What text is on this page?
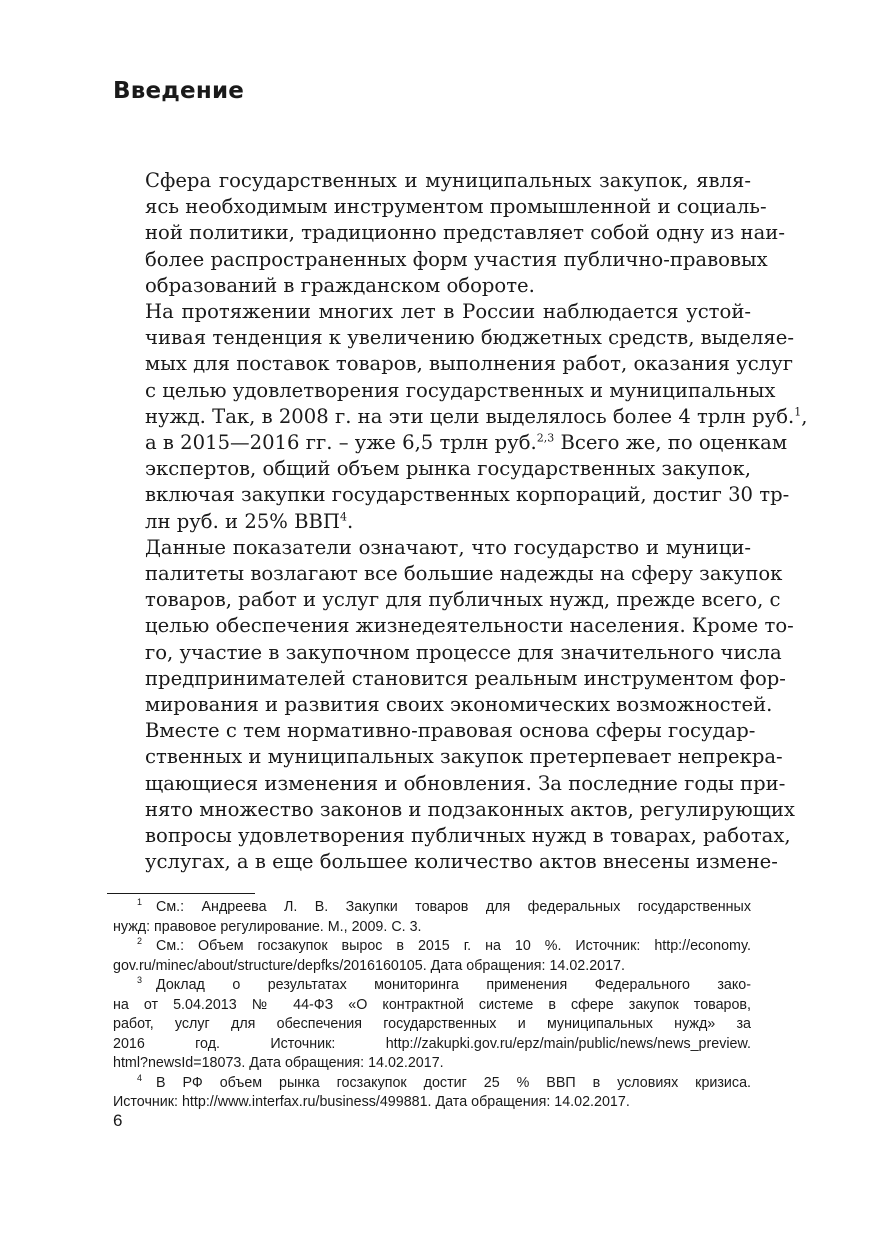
Введение

Сфера государственных и муниципальных закупок, явля-
ясь необходимым инструментом промышленной и социаль-
ной политики, традиционно представляет собой одну из наи-
более распространенных форм участия публично-правовых
образований в гражданском обороте.

На протяжении многих лет в России наблюдается устой-
чивая тенденция к увеличению бюджетных средств, выделяе-
мых для поставок товаров, выполнения работ, оказания услуг
с целью удовлетворения государственных и муниципальных
нужд. Так, в 2008 г. на эти цели выделялось более 4 трлн руб.$^1$,
а в 2015—2016 гг. – уже 6,5 трлн руб.$^{2,3}$ Всего же, по оценкам
экспертов, общий объем рынка государственных закупок,
включая закупки государственных корпораций, достиг 30 тр-
лн руб. и 25% ВВП$^4$.

Данные показатели означают, что государство и муници-
палитеты возлагают все большие надежды на сферу закупок
товаров, работ и услуг для публичных нужд, прежде всего, с
целью обеспечения жизнедеятельности населения. Кроме то-
го, участие в закупочном процессе для значительного числа
предпринимателей становится реальным инструментом фор-
мирования и развития своих экономических возможностей.

Вместе с тем нормативно-правовая основа сферы государ-
ственных и муниципальных закупок претерпевает непрекра-
щающиеся изменения и обновления. За последние годы при-
нято множество законов и подзаконных актов, регулирующих
вопросы удовлетворения публичных нужд в товарах, работах,
услугах, а в еще большее количество актов внесены измене-

$^1$ См.: Андреева Л. В. Закупки товаров для федеральных государственных
нужд: правовое регулирование. М., 2009. С. 3.
$^2$ См.: Объем госзакупок вырос в 2015 г. на 10 %. Источник: http://economy.
gov.ru/minec/about/structure/depfks/2016160105. Дата обращения: 14.02.2017.
$^3$ Доклад о результатах мониторинга применения Федерального зако-
на от 5.04.2013 № 44-ФЗ «О контрактной системе в сфере закупок товаров,
работ, услуг для обеспечения государственных и муниципальных нужд» за
2016 год. Источник: http://zakupki.gov.ru/epz/main/public/news/news_preview.
html?newsId=18073. Дата обращения: 14.02.2017.
$^4$ В РФ объем рынка госзакупок достиг 25 % ВВП в условиях кризиса.
Источник: http://www.interfax.ru/business/499881. Дата обращения: 14.02.2017.
6
